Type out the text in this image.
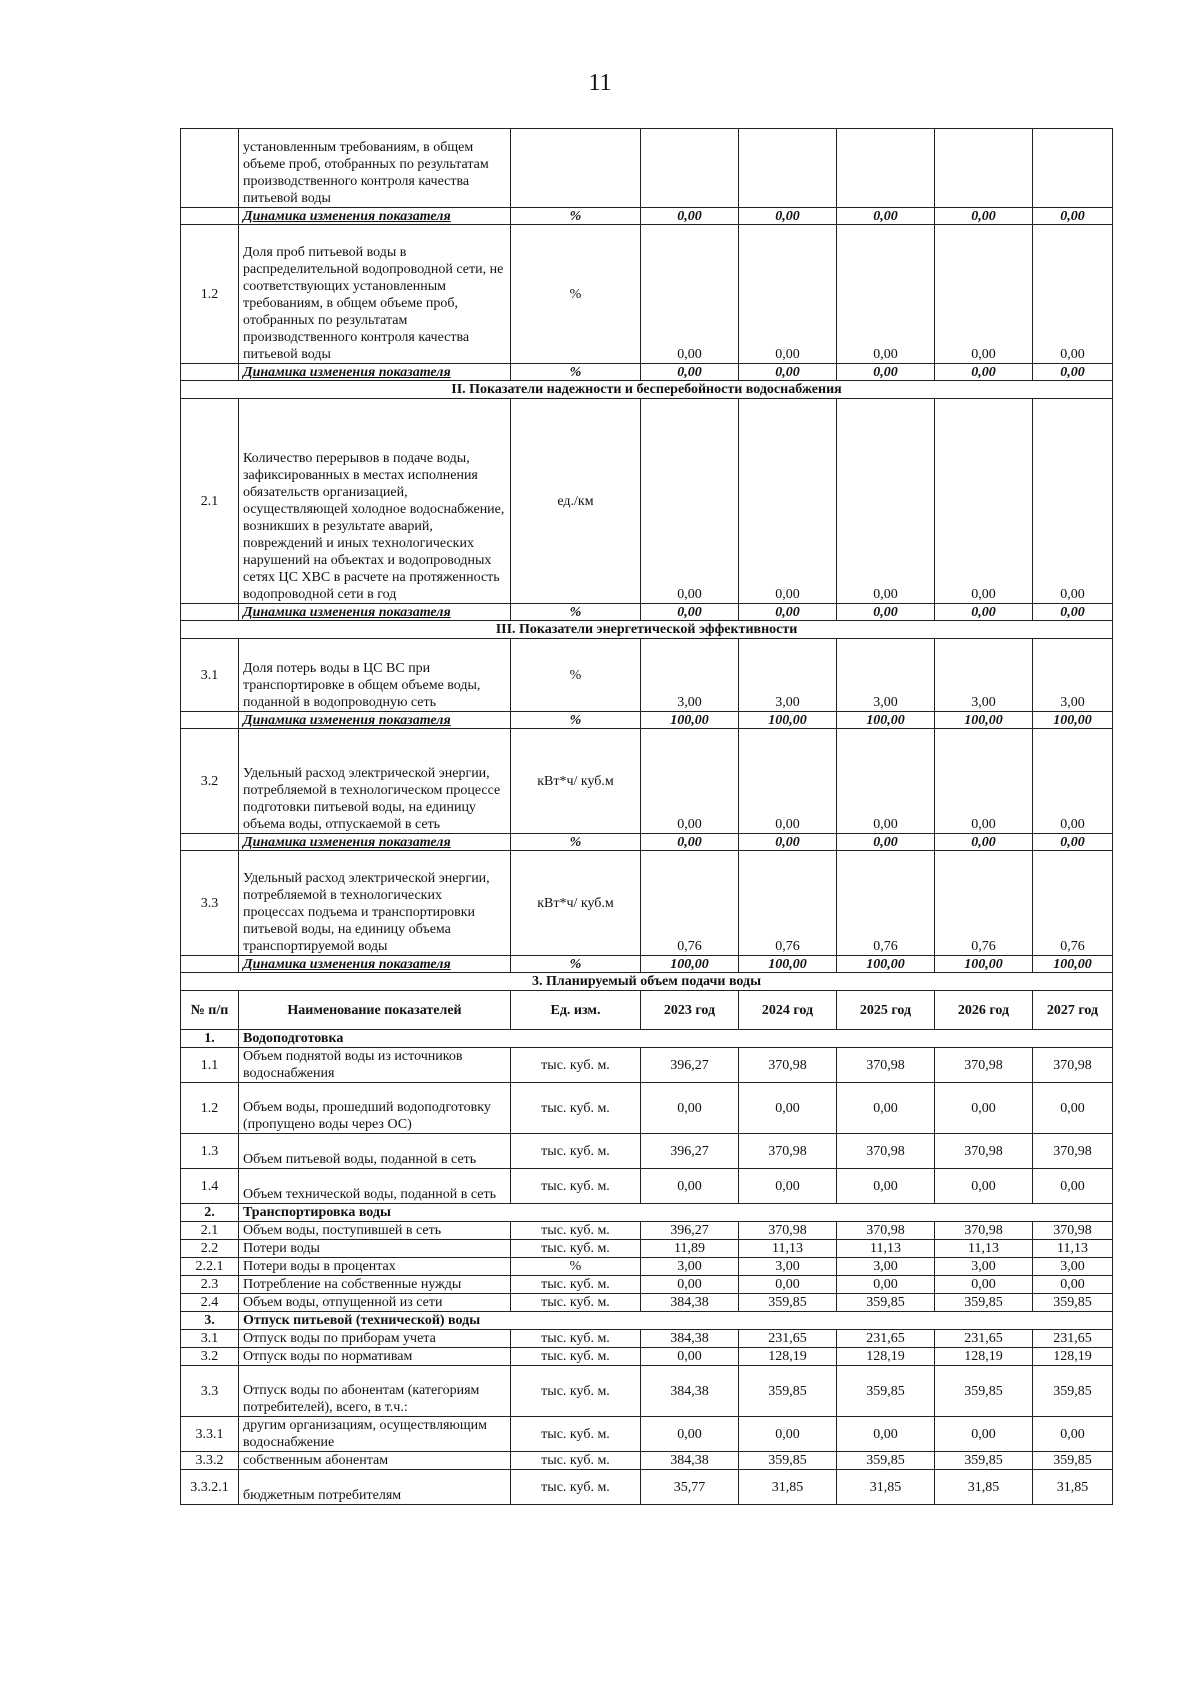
11
	установленным требованиям, в общем объеме проб, отобранных по результатам производственного контроля качества питьевой воды						
	Динамика изменения показателя	%	0,00	0,00	0,00	0,00	0,00
1.2	Доля проб питьевой воды в распределительной водопроводной сети, не соответствующих установленным требованиям, в общем объеме проб, отобранных по результатам производственного контроля качества питьевой воды	%	0,00	0,00	0,00	0,00	0,00
	Динамика изменения показателя	%	0,00	0,00	0,00	0,00	0,00
II. Показатели надежности и бесперебойности водоснабжения							
2.1	Количество перерывов в подаче воды, зафиксированных в местах исполнения обязательств организацией, осуществляющей холодное водоснабжение, возникших в результате аварий, повреждений и иных технологических нарушений на объектах и водопроводных сетях ЦС ХВС в расчете на протяженность водопроводной сети в год	ед./км	0,00	0,00	0,00	0,00	0,00
	Динамика изменения показателя	%	0,00	0,00	0,00	0,00	0,00
III. Показатели энергетической эффективности							
3.1	Доля потерь воды в ЦС ВС при транспортировке в общем объеме воды, поданной в водопроводную сеть	%	3,00	3,00	3,00	3,00	3,00
	Динамика изменения показателя	%	100,00	100,00	100,00	100,00	100,00
3.2	Удельный расход электрической энергии, потребляемой в технологическом процессе подготовки питьевой воды, на единицу объема воды, отпускаемой в сеть	кВт*ч/ куб.м	0,00	0,00	0,00	0,00	0,00
	Динамика изменения показателя	%	0,00	0,00	0,00	0,00	0,00
3.3	Удельный расход электрической энергии, потребляемой в технологических процессах подъема и транспортировки питьевой воды, на единицу объема транспортируемой воды	кВт*ч/ куб.м	0,76	0,76	0,76	0,76	0,76
	Динамика изменения показателя	%	100,00	100,00	100,00	100,00	100,00
3. Планируемый объем подачи воды							
№ п/п	Наименование показателей	Ед. изм.	2023 год	2024 год	2025 год	2026 год	2027 год
1.	Водоподготовка						
1.1	Объем поднятой воды из источников водоснабжения	тыс. куб. м.	396,27	370,98	370,98	370,98	370,98
1.2	Объем воды, прошедший водоподготовку (пропущено воды через ОС)	тыс. куб. м.	0,00	0,00	0,00	0,00	0,00
1.3	Объем питьевой воды, поданной в сеть	тыс. куб. м.	396,27	370,98	370,98	370,98	370,98
1.4	Объем технической воды, поданной в сеть	тыс. куб. м.	0,00	0,00	0,00	0,00	0,00
2.	Транспортировка воды						
2.1	Объем воды, поступившей в сеть	тыс. куб. м.	396,27	370,98	370,98	370,98	370,98
2.2	Потери воды	тыс. куб. м.	11,89	11,13	11,13	11,13	11,13
2.2.1	Потери воды в процентах	%	3,00	3,00	3,00	3,00	3,00
2.3	Потребление на собственные нужды	тыс. куб. м.	0,00	0,00	0,00	0,00	0,00
2.4	Объем воды, отпущенной из сети	тыс. куб. м.	384,38	359,85	359,85	359,85	359,85
3.	Отпуск питьевой (технической) воды						
3.1	Отпуск воды по приборам учета	тыс. куб. м.	384,38	231,65	231,65	231,65	231,65
3.2	Отпуск воды по нормативам	тыс. куб. м.	0,00	128,19	128,19	128,19	128,19
3.3	Отпуск воды по абонентам (категориям потребителей), всего, в т.ч.:	тыс. куб. м.	384,38	359,85	359,85	359,85	359,85
3.3.1	другим организациям, осуществляющим водоснабжение	тыс. куб. м.	0,00	0,00	0,00	0,00	0,00
3.3.2	собственным абонентам	тыс. куб. м.	384,38	359,85	359,85	359,85	359,85
3.3.2.1	бюджетным потребителям	тыс. куб. м.	35,77	31,85	31,85	31,85	31,85
